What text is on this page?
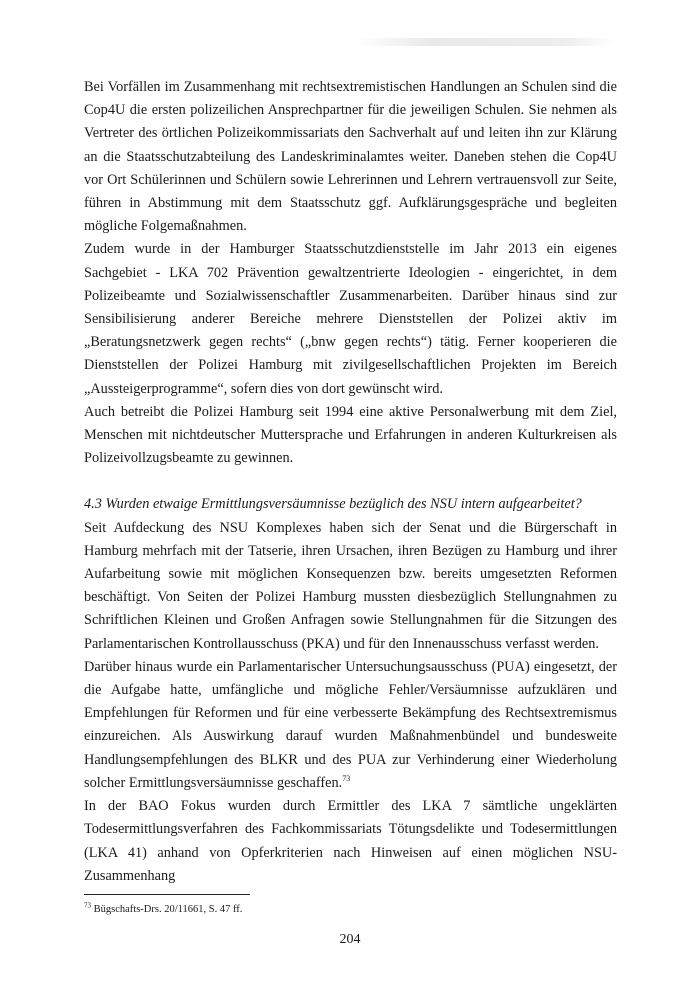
Bei Vorfällen im Zusammenhang mit rechtsextremistischen Handlungen an Schulen sind die Cop4U die ersten polizeilichen Ansprechpartner für die jeweiligen Schulen. Sie nehmen als Vertreter des örtlichen Polizeikommissariats den Sachverhalt auf und leiten ihn zur Klärung an die Staatsschutzabteilung des Landeskriminalamtes weiter. Daneben stehen die Cop4U vor Ort Schülerinnen und Schülern sowie Lehrerinnen und Lehrern vertrauensvoll zur Seite, führen in Abstimmung mit dem Staatsschutz ggf. Aufklärungsgespräche und begleiten mögliche Folgemaßnahmen.

Zudem wurde in der Hamburger Staatsschutzdienststelle im Jahr 2013 ein eigenes Sachgebiet - LKA 702 Prävention gewaltzentrierte Ideologien - eingerichtet, in dem Polizeibeamte und Sozialwissenschaftler Zusammenarbeiten. Darüber hinaus sind zur Sensibilisierung anderer Bereiche mehrere Dienststellen der Polizei aktiv im „Beratungsnetzwerk gegen rechts“ („bnw gegen rechts“) tätig. Ferner kooperieren die Dienststellen der Polizei Hamburg mit zivilgesellschaftlichen Projekten im Bereich „Aussteigerprogramme“, sofern dies von dort gewünscht wird.

Auch betreibt die Polizei Hamburg seit 1994 eine aktive Personalwerbung mit dem Ziel, Menschen mit nichtdeutscher Muttersprache und Erfahrungen in anderen Kulturkreisen als Polizeivollzugsbeamte zu gewinnen.

4.3 Wurden etwaige Ermittlungsversäumnisse bezüglich des NSU intern aufgearbeitet?

Seit Aufdeckung des NSU Komplexes haben sich der Senat und die Bürgerschaft in Hamburg mehrfach mit der Tatserie, ihren Ursachen, ihren Bezügen zu Hamburg und ihrer Aufarbeitung sowie mit möglichen Konsequenzen bzw. bereits umgesetzten Reformen beschäftigt. Von Seiten der Polizei Hamburg mussten diesbezüglich Stellungnahmen zu Schriftlichen Kleinen und Großen Anfragen sowie Stellungnahmen für die Sitzungen des Parlamentarischen Kontrollausschuss (PKA) und für den Innenausschuss verfasst werden.

Darüber hinaus wurde ein Parlamentarischer Untersuchungsausschuss (PUA) eingesetzt, der die Aufgabe hatte, umfängliche und mögliche Fehler/Versäumnisse aufzuklären und Empfehlungen für Reformen und für eine verbesserte Bekämpfung des Rechtsextremismus einzureichen. Als Auswirkung darauf wurden Maßnahmenbündel und bundesweite Handlungsempfehlungen des BLKR und des PUA zur Verhinderung einer Wiederholung solcher Ermittlungsversäumnisse geschaffen.$^{73}$

In der BAO Fokus wurden durch Ermittler des LKA 7 sämtliche ungeklärten Todesermittlungsverfahren des Fachkommissariats Tötungsdelikte und Todesermittlungen (LKA 41) anhand von Opferkriterien nach Hinweisen auf einen möglichen NSU-Zusammenhang

$^{73}$ Bügschafts-Drs. 20/11661, S. 47 ff.
204
